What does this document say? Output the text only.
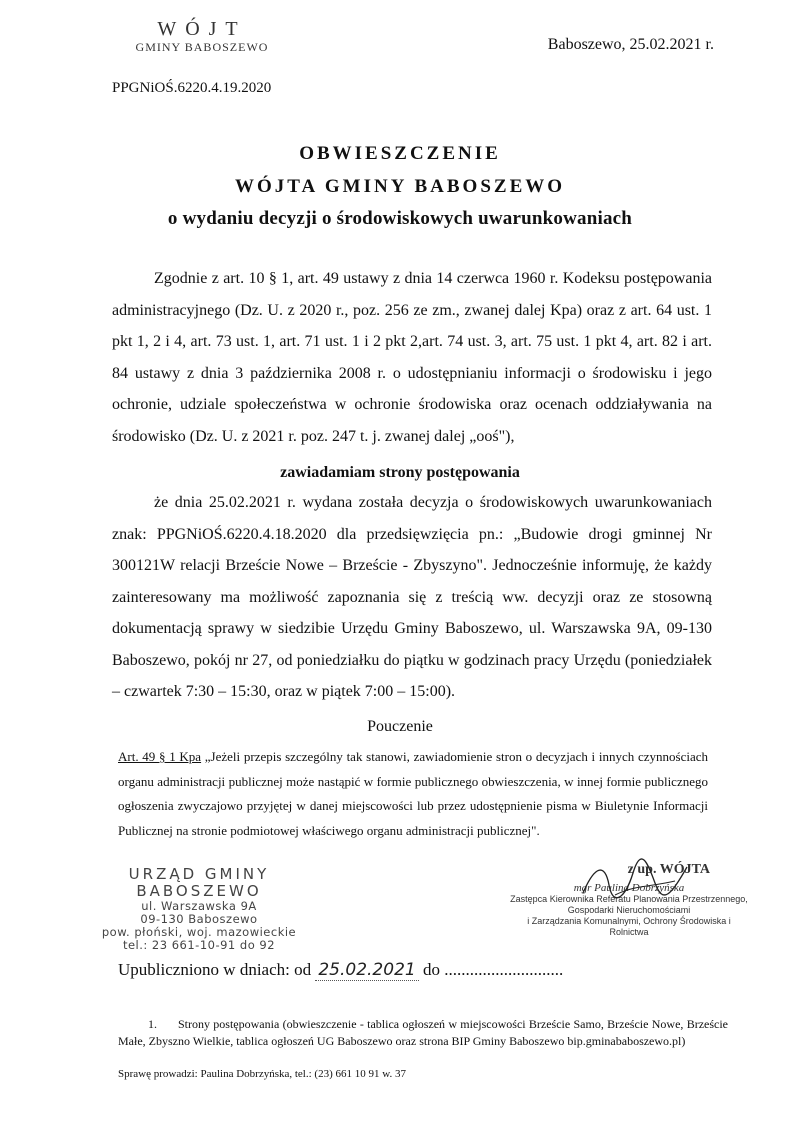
WÓJT
GMINY BABOSZEWO	Baboszewo, 25.02.2021 r.
PPGNiOŚ.6220.4.19.2020
OBWIESZCZENIE
WÓJTA GMINY BABOSZEWO
o wydaniu decyzji o środowiskowych uwarunkowaniach
Zgodnie z art. 10 § 1, art. 49 ustawy z dnia 14 czerwca 1960 r. Kodeksu postępowania administracyjnego (Dz. U. z 2020 r., poz. 256 ze zm., zwanej dalej Kpa) oraz z art. 64 ust. 1 pkt 1, 2 i 4, art. 73 ust. 1, art. 71 ust. 1 i 2 pkt 2,art. 74 ust. 3, art. 75 ust. 1 pkt 4, art. 82 i art. 84 ustawy z dnia 3 października 2008 r. o udostępnianiu informacji o środowisku i jego ochronie, udziale społeczeństwa w ochronie środowiska oraz ocenach oddziaływania na środowisko (Dz. U. z 2021 r. poz. 247 t. j. zwanej dalej „ooś"),
zawiadamiam strony postępowania
że dnia 25.02.2021 r. wydana została decyzja o środowiskowych uwarunkowaniach znak: PPGNiOŚ.6220.4.18.2020 dla przedsięwzięcia pn.: „Budowie drogi gminnej Nr 300121W relacji Brzeście Nowe – Brzeście - Zbyszyno". Jednocześnie informuję, że każdy zainteresowany ma możliwość zapoznania się z treścią ww. decyzji oraz ze stosowną dokumentacją sprawy w siedzibie Urzędu Gminy Baboszewo, ul. Warszawska 9A, 09-130 Baboszewo, pokój nr 27, od poniedziałku do piątku w godzinach pracy Urzędu (poniedziałek – czwartek 7:30 – 15:30, oraz w piątek 7:00 – 15:00).
Pouczenie
Art. 49 § 1 Kpa „Jeżeli przepis szczególny tak stanowi, zawiadomienie stron o decyzjach i innych czynnościach organu administracji publicznej może nastąpić w formie publicznego obwieszczenia, w innej formie publicznego ogłoszenia zwyczajowo przyjętej w danej miejscowości lub przez udostępnienie pisma w Biuletynie Informacji Publicznej na stronie podmiotowej właściwego organu administracji publicznej".
URZĄD GMINY
BABOSZEWO
ul. Warszawska 9A
09-130 Baboszewo
pow. płoński, woj. mazowieckie
tel.: 23 661-10-91 do 92
z up. WÓJTA
mgr Paulina Dobrzyńska
Zastępca Kierownika Referatu Planowania Przestrzennego,
Gospodarki Nieruchomościami
i Zarządzania Komunalnymi, Ochrony Środowiska i Rolnictwa
Upubliczniono w dniach: od 25.02.2021 do ............................
1. Strony postępowania (obwieszczenie - tablica ogłoszeń w miejscowości Brzeście Samo, Brzeście Nowe, Brzeście Małe, Zbyszno Wielkie, tablica ogłoszeń UG Baboszewo oraz strona BIP Gminy Baboszewo bip.gminababoszewo.pl)
Sprawę prowadzi: Paulina Dobrzyńska, tel.: (23) 661 10 91 w. 37
